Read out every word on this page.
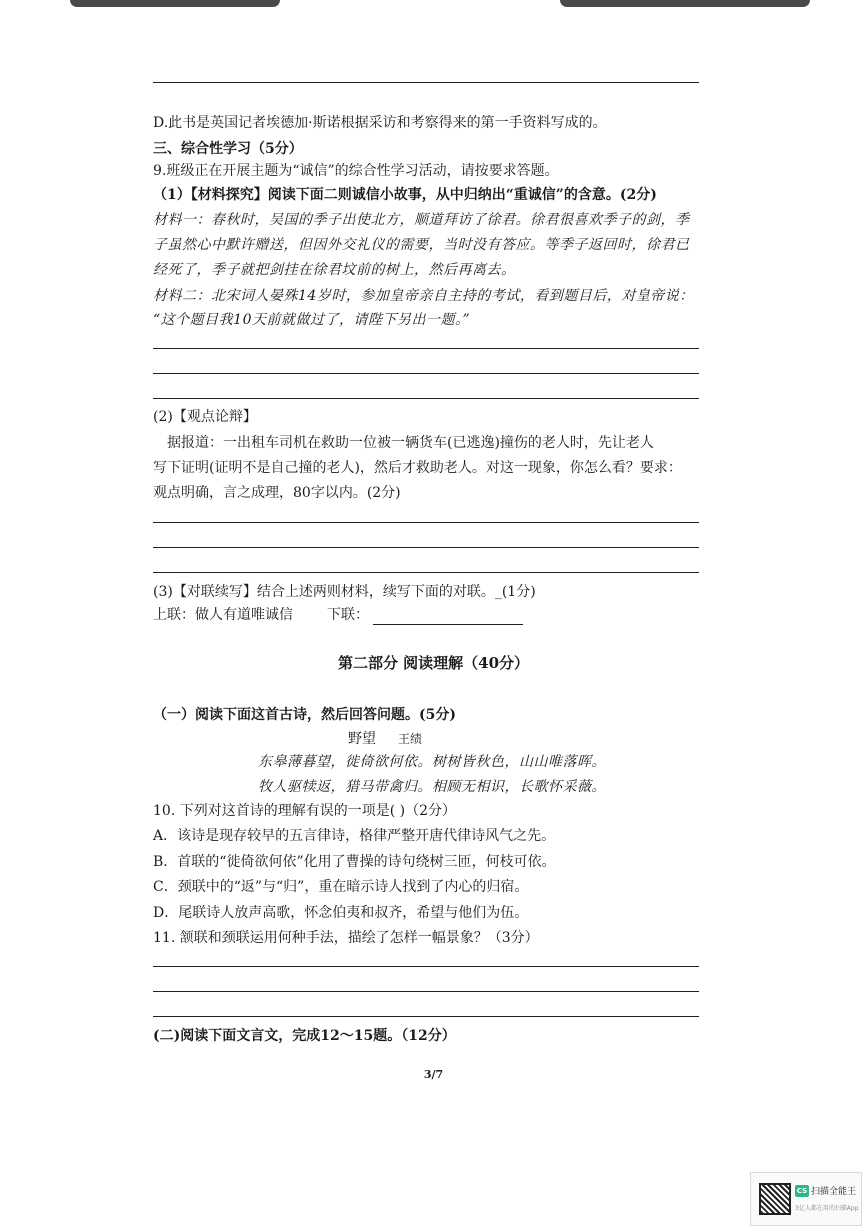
D.此书是英国记者埃德加·斯诺根据采访和考察得来的第一手资料写成的。
三、综合性学习（5分）
9.班级正在开展主题为“诚信”的综合性学习活动，请按要求答题。
（1）【材料探究】阅读下面二则诚信小故事，从中归纳出“重诚信”的含意。(2分)
材料一：春秋时，吴国的季子出使北方，顺道拜访了徐君。徐君很喜欢季子的剑，季
子虽然心中默许赠送，但因外交礼仪的需要，当时没有答应。等季子返回时，徐君已
经死了，季子就把剑挂在徐君坟前的树上，然后再离去。
材料二：北宋词人晏殊14岁时，参加皇帝亲自主持的考试，看到题目后，对皇帝说：
“这个题目我10天前就做过了，请陛下另出一题。”
(2)【观点论辩】
　据报道：一出租车司机在救助一位被一辆货车(已逃逸)撞伤的老人时，先让老人
写下证明(证明不是自己撞的老人)，然后才救助老人。对这一现象，你怎么看？要求：
观点明确，言之成理，80字以内。(2分)
(3)【对联续写】结合上述两则材料，续写下面的对联。_(1分)
上联：做人有道唯诚信 下联：
第二部分 阅读理解（40分）
（一）阅读下面这首古诗，然后回答问题。(5分)
野望 王绩
东皋薄暮望，徙倚欲何依。树树皆秋色，山山唯落晖。
牧人驱犊返，猎马带禽归。相顾无相识，长歌怀采薇。
10. 下列对这首诗的理解有误的一项是( )（2分）
A．该诗是现存较早的五言律诗，格律严整开唐代律诗风气之先。
B．首联的“徙倚欲何依”化用了曹操的诗句绕树三匝，何枝可依。
C．颈联中的“返”与“归”，重在暗示诗人找到了内心的归宿。
D．尾联诗人放声高歌，怀念伯夷和叔齐，希望与他们为伍。
11. 颔联和颈联运用何种手法，描绘了怎样一幅景象？（3分）
(二)阅读下面文言文，完成12～15题。（12分）
3/7
CS 扫描全能王
3亿人都在用的扫描App
